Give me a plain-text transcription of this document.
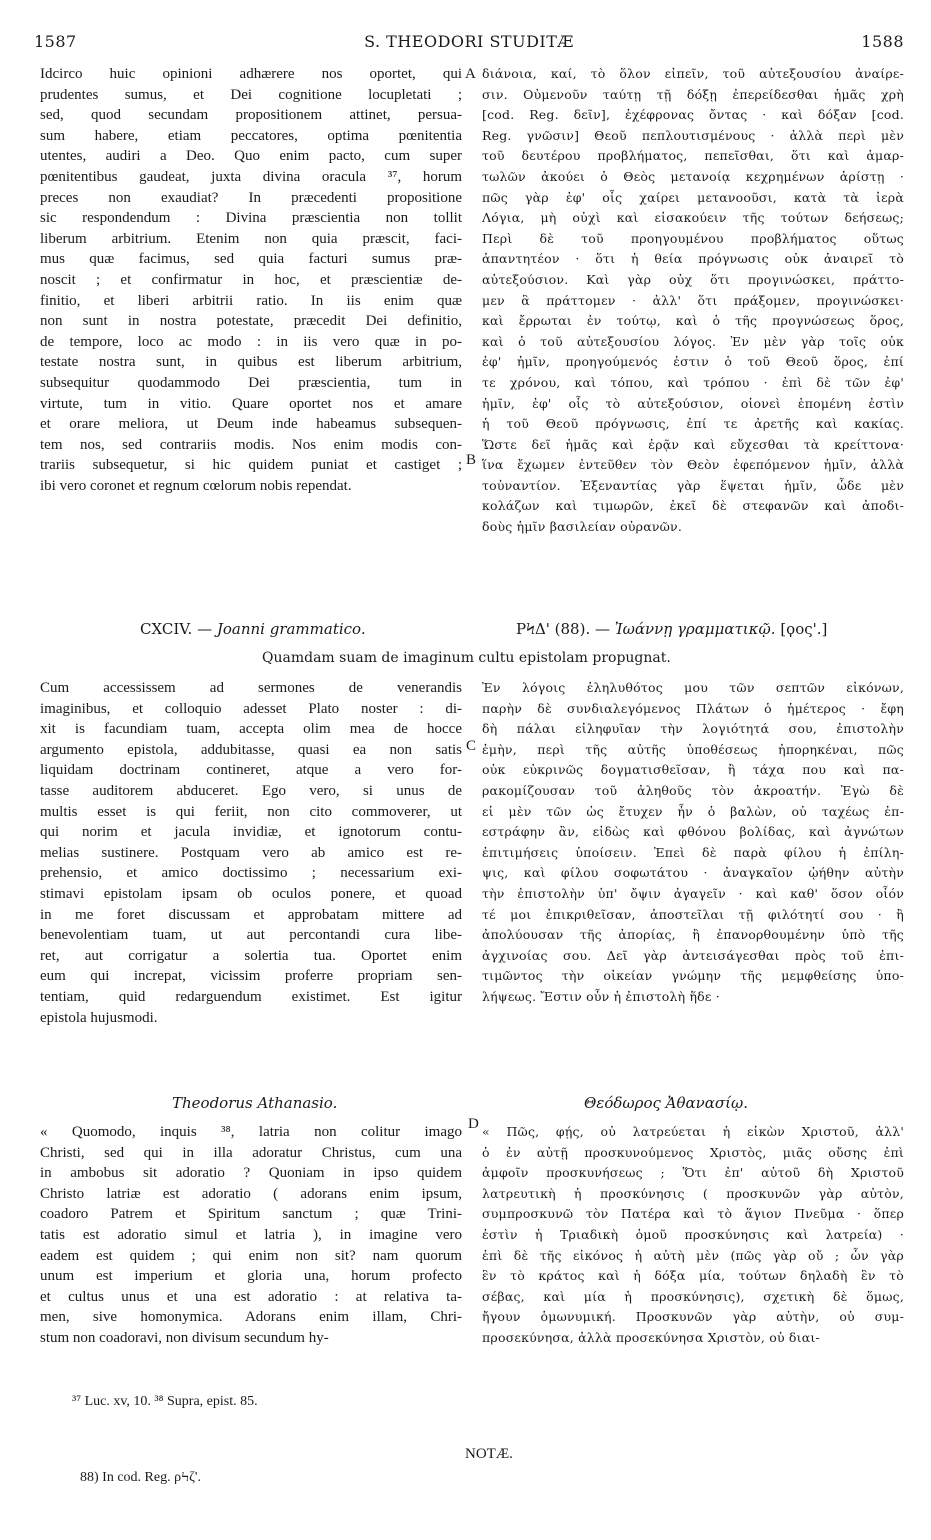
1587	S. THEODORI STUDITÆ	1588
A
B
C
D
Idcirco huic opinioni adhærere nos oportet, qui
prudentes sumus, et Dei cognitione locupletati ;
sed, quod secundam propositionem attinet, persua-
sum habere, etiam peccatores, optima pœnitentia
utentes, audiri a Deo. Quo enim pacto, cum super
pœnitentibus gaudeat, juxta divina oracula ³⁷, horum
preces non exaudiat? In præcedenti propositione
sic respondendum : Divina præscientia non tollit
liberum arbitrium. Etenim non quia præscit, faci-
mus quæ facimus, sed quia facturi sumus præ-
noscit ; et confirmatur in hoc, et præscientiæ de-
finitio, et liberi arbitrii ratio. In iis enim quæ
non sunt in nostra potestate, præcedit Dei definitio,
de tempore, loco ac modo : in iis vero quæ in po-
testate nostra sunt, in quibus est liberum arbitrium,
subsequitur quodammodo Dei præscientia, tum in
virtute, tum in vitio. Quare oportet nos et amare
et orare meliora, ut Deum inde habeamus subsequen-
tem nos, sed contrariis modis. Nos enim modis con-
trariis subsequetur, si hic quidem puniat et castiget ;
ibi vero coronet et regnum cœlorum nobis rependat.
διάνοια, καί, τὸ ὅλον εἰπεῖν, τοῦ αὐτεξουσίου ἀναίρε-
σιν. Οὐμενοῦν ταύτῃ τῇ δόξῃ ἐπερείδεσθαι ἡμᾶς χρὴ
[cod. Reg. δεῖν], ἐχέφρονας ὄντας · καὶ δόξαν [cod.
Reg. γνῶσιν] Θεοῦ πεπλουτισμένους · ἀλλὰ περὶ μὲν
τοῦ δευτέρου προβλήματος, πεπεῖσθαι, ὅτι καὶ ἁμαρ-
τωλῶν ἀκούει ὁ Θεὸς μετανοίᾳ κεχρημένων ἀρίστῃ ·
πῶς γὰρ ἐφ' οἷς χαίρει μετανοοῦσι, κατὰ τὰ ἱερὰ
Λόγια, μὴ οὐχὶ καὶ εἰσακούειν τῆς τούτων δεήσεως;
Περὶ δὲ τοῦ προηγουμένου προβλήματος οὕτως
ἀπαντητέον · ὅτι ἡ θεία πρόγνωσις οὐκ ἀναιρεῖ τὸ
αὐτεξούσιον. Καὶ γὰρ οὐχ ὅτι προγινώσκει, πράττο-
μεν ἃ πράττομεν · ἀλλ' ὅτι πράξομεν, προγινώσκει·
καὶ ἔρρωται ἐν τούτῳ, καὶ ὁ τῆς προγνώσεως ὅρος,
καὶ ὁ τοῦ αὐτεξουσίου λόγος. Ἐν μὲν γὰρ τοῖς οὐκ
ἐφ' ἡμῖν, προηγούμενός ἐστιν ὁ τοῦ Θεοῦ ὅρος, ἐπί
τε χρόνου, καὶ τόπου, καὶ τρόπου · ἐπὶ δὲ τῶν ἐφ'
ἡμῖν, ἐφ' οἷς τὸ αὐτεξούσιον, οἱονεὶ ἑπομένη ἐστὶν
ἡ τοῦ Θεοῦ πρόγνωσις, ἐπί τε ἀρετῆς καὶ κακίας.
Ὥστε δεῖ ἡμᾶς καὶ ἐρᾷν καὶ εὔχεσθαι τὰ κρείττονα·
ἵνα ἔχωμεν ἐντεῦθεν τὸν Θεὸν ἑφεπόμενον ἡμῖν, ἀλλὰ
τοὐναντίον. Ἐξεναντίας γὰρ ἕψεται ἡμῖν, ὧδε μὲν
κολάζων καὶ τιμωρῶν, ἐκεῖ δὲ στεφανῶν καὶ ἀποδι-
δοὺς ἡμῖν βασιλείαν οὐρανῶν.
CXCIV. — Joanni grammatico.	ΡϞΔ' (88). — Ἰωάννῃ γραμματικῷ. [ϙος'.]
Quamdam suam de imaginum cultu epistolam propugnat.
Cum accessissem ad sermones de venerandis
imaginibus, et colloquio adesset Plato noster : di-
xit is facundiam tuam, accepta olim mea de hocce
argumento epistola, addubitasse, quasi ea non satis
liquidam doctrinam contineret, atque a vero for-
tasse auditorem abduceret. Ego vero, si unus de
multis esset is qui feriit, non cito commoverer, ut
qui norim et jacula invidiæ, et ignotorum contu-
melias sustinere. Postquam vero ab amico est re-
prehensio, et amico doctissimo ; necessarium exi-
stimavi epistolam ipsam ob oculos ponere, et quoad
in me foret discussam et approbatam mittere ad
benevolentiam tuam, ut aut percontandi cura libe-
ret, aut corrigatur a solertia tua. Oportet enim
eum qui increpat, vicissim proferre propriam sen-
tentiam, quid redarguendum existimet. Est igitur
epistola hujusmodi.
Ἐν λόγοις ἐληλυθότος μου τῶν σεπτῶν εἰκόνων,
παρὴν δὲ συνδιαλεγόμενος Πλάτων ὁ ἡμέτερος · ἔφη
δὴ πάλαι εἰληφυῖαν τὴν λογιότητά σου, ἐπιστολὴν
ἐμὴν, περὶ τῆς αὐτῆς ὑποθέσεως ἠπορηκέναι, πῶς
οὐκ εὐκρινῶς δογματισθεῖσαν, ἢ τάχα που καὶ πα-
ρακομίζουσαν τοῦ ἀληθοῦς τὸν ἀκροατήν. Ἐγὼ δὲ
εἰ μὲν τῶν ὡς ἔτυχεν ἦν ὁ βαλὼν, οὐ ταχέως ἐπ-
εστράφην ἂν, εἰδὼς καὶ φθόνου βολίδας, καὶ ἀγνώτων
ἐπιτιμήσεις ὑποίσειν. Ἐπεὶ δὲ παρὰ φίλου ἡ ἐπίλη-
ψις, καὶ φίλου σοφωτάτου · ἀναγκαῖον ᾠήθην αὐτὴν
τὴν ἐπιστολὴν ὑπ' ὄψιν ἀγαγεῖν · καὶ καθ' ὅσον οἷόν
τέ μοι ἐπικριθεῖσαν, ἀποστεῖλαι τῇ φιλότητί σου · ἢ
ἀπολύουσαν τῆς ἀπορίας, ἢ ἐπανορθουμένην ὑπὸ τῆς
ἀγχινοίας σου. Δεῖ γὰρ ἀντεισάγεσθαι πρὸς τοῦ ἐπι-
τιμῶντος τὴν οἰκείαν γνώμην τῆς μεμφθείσης ὑπο-
λήψεως. Ἔστιν οὖν ἡ ἐπιστολὴ ἥδε ·
Theodorus Athanasio.	Θεόδωρος Ἀθανασίῳ.
« Quomodo, inquis ³⁸, latria non colitur imago
Christi, sed qui in illa adoratur Christus, cum una
in ambobus sit adoratio ? Quoniam in ipso quidem
Christo latriæ est adoratio ( adorans enim ipsum,
coadoro Patrem et Spiritum sanctum ; quæ Trini-
tatis est adoratio simul et latria ), in imagine vero
eadem est quidem ; qui enim non sit? nam quorum
unum est imperium et gloria una, horum profecto
et cultus unus et una est adoratio : at relativa ta-
men, sive homonymica. Adorans enim illam, Chri-
stum non coadoravi, non divisum secundum hy-
« Πῶς, φῄς, οὐ λατρεύεται ἡ εἰκὼν Χριστοῦ, ἀλλ'
ὁ ἐν αὐτῇ προσκυνούμενος Χριστὸς, μιᾶς οὔσης ἐπὶ
ἀμφοῖν προσκυνήσεως ; Ὅτι ἐπ' αὐτοῦ δὴ Χριστοῦ
λατρευτικὴ ἡ προσκύνησις ( προσκυνῶν γὰρ αὐτὸν,
συμπροσκυνῶ τὸν Πατέρα καὶ τὸ ἅγιον Πνεῦμα · ὅπερ
ἐστὶν ἡ Τριαδικὴ ὁμοῦ προσκύνησις καὶ λατρεία) ·
ἐπὶ δὲ τῆς εἰκόνος ἡ αὐτὴ μὲν (πῶς γὰρ οὔ ; ὧν γὰρ
ἓν τὸ κράτος καὶ ἡ δόξα μία, τούτων δηλαδὴ ἓν τὸ
σέβας, καὶ μία ἡ προσκύνησις), σχετικὴ δὲ ὅμως,
ἤγουν ὁμωνυμική. Προσκυνῶν γὰρ αὐτὴν, οὐ συμ-
προσεκύνησα, ἀλλὰ προσεκύνησα Χριστὸν, οὐ διαι-
³⁷ Luc. xv, 10. ³⁸ Supra, epist. 85.
NOTÆ.
88) In cod. Reg. ρϞζ'.
